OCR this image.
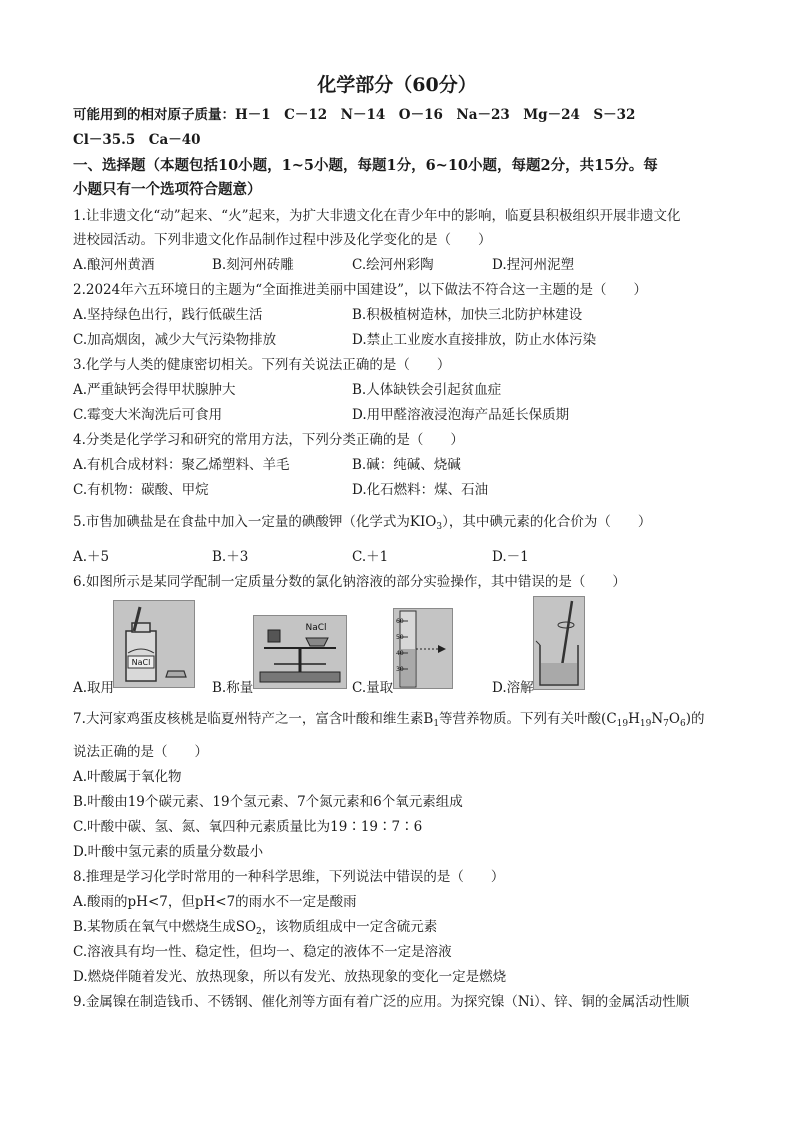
化学部分（60分）
可能用到的相对原子质量：H－1　C－12　N－14　O－16　Na－23　Mg－24　S－32
Cl－35.5　Ca－40
一、选择题（本题包括10小题，1~5小题，每题1分，6~10小题，每题2分，共15分。每
小题只有一个选项符合题意）
1.让非遗文化“动”起来、“火”起来，为扩大非遗文化在青少年中的影响，临夏县积极组织开展非遗文化
进校园活动。下列非遗文化作品制作过程中涉及化学变化的是（　　）
A.酿河州黄酒	B.刻河州砖雕	C.绘河州彩陶	D.捏河州泥塑
2.2024年六五环境日的主题为“全面推进美丽中国建设”，以下做法不符合这一主题的是（　　）
A.坚持绿色出行，践行低碳生活	B.积极植树造林，加快三北防护林建设
C.加高烟囱，减少大气污染物排放	D.禁止工业废水直接排放，防止水体污染
3.化学与人类的健康密切相关。下列有关说法正确的是（　　）
A.严重缺钙会得甲状腺肿大	B.人体缺铁会引起贫血症
C.霉变大米淘洗后可食用	D.用甲醛溶液浸泡海产品延长保质期
4.分类是化学学习和研究的常用方法，下列分类正确的是（　　）
A.有机合成材料：聚乙烯塑料、羊毛	B.碱：纯碱、烧碱
C.有机物：碳酸、甲烷	D.化石燃料：煤、石油
5.市售加碘盐是在食盐中加入一定量的碘酸钾（化学式为$KIO_3$），其中碘元素的化合价为（　　）
A.＋5	B.＋3	C.＋1	D.－1
6.如图所示是某同学配制一定质量分数的氯化钠溶液的部分实验操作，其中错误的是（　　）
NaCl
A.取用
NaCl
B.称量
60
50
40
30
C.量取	D.溶解
7.大河家鸡蛋皮核桃是临夏州特产之一，富含叶酸和维生素$B_1$等营养物质。下列有关叶酸$(C_{19}H_{19}N_7O_6)$的
说法正确的是（　　）
A.叶酸属于氧化物
B.叶酸由19个碳元素、19个氢元素、7个氮元素和6个氧元素组成
C.叶酸中碳、氢、氮、氧四种元素质量比为19∶19∶7∶6
D.叶酸中氢元素的质量分数最小
8.推理是学习化学时常用的一种科学思维，下列说法中错误的是（　　）
A.酸雨的pH<7，但pH<7的雨水不一定是酸雨
B.某物质在氧气中燃烧生成$SO_2$，该物质组成中一定含硫元素
C.溶液具有均一性、稳定性，但均一、稳定的液体不一定是溶液
D.燃烧伴随着发光、放热现象，所以有发光、放热现象的变化一定是燃烧
9.金属镍在制造钱币、不锈钢、催化剂等方面有着广泛的应用。为探究镍（Ni）、锌、铜的金属活动性顺
